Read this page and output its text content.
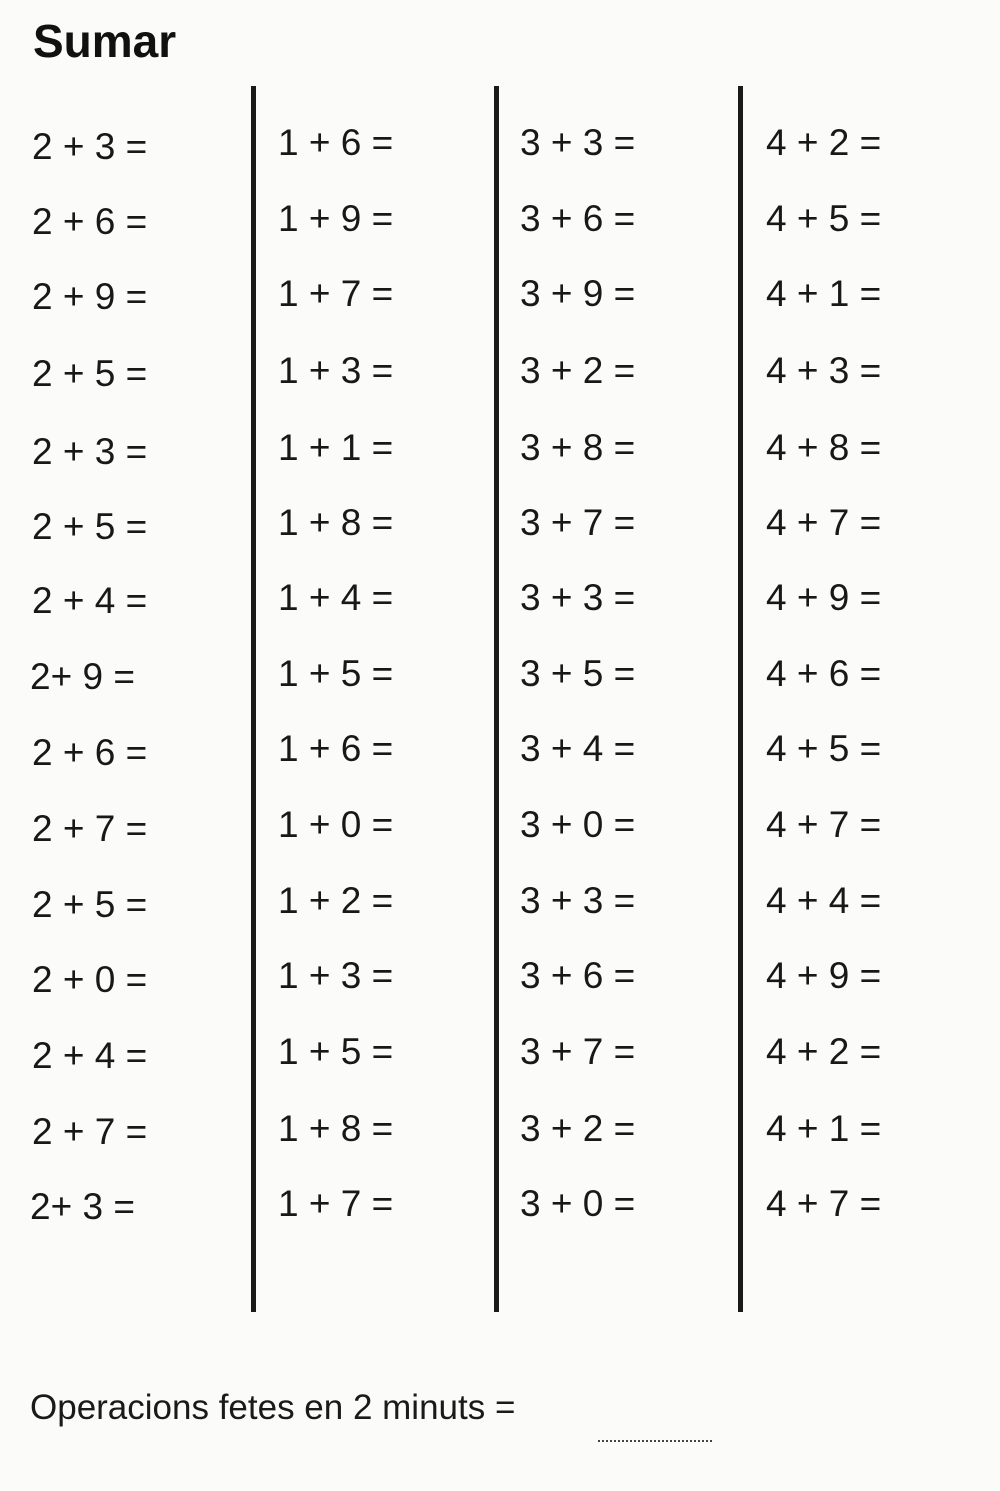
Sumar
2 + 3 =
2 + 6 =
2 + 9 =
2 + 5 =
2 + 3 =
2 + 5 =
2 + 4 =
2+ 9 =
2 + 6 =
2 + 7 =
2 + 5 =
2 + 0 =
2 + 4 =
2 + 7 =
2+ 3 =
1 + 6 =
1 + 9 =
1 + 7 =
1 + 3 =
1 + 1 =
1 + 8 =
1 + 4 =
1 + 5 =
1 + 6 =
1 + 0 =
1 + 2 =
1 + 3 =
1 + 5 =
1 + 8 =
1 + 7 =
3 + 3 =
3 + 6 =
3 + 9 =
3 + 2 =
3 + 8 =
3 + 7 =
3 + 3 =
3 + 5 =
3 + 4 =
3 + 0 =
3 + 3 =
3 + 6 =
3 + 7 =
3 + 2 =
3 + 0 =
4 + 2 =
4 + 5 =
4 + 1 =
4 + 3 =
4 + 8 =
4 + 7 =
4 + 9 =
4 + 6 =
4 + 5 =
4 + 7 =
4 + 4 =
4 + 9 =
4 + 2 =
4 + 1 =
4 + 7 =
Operacions fetes en 2 minuts =
